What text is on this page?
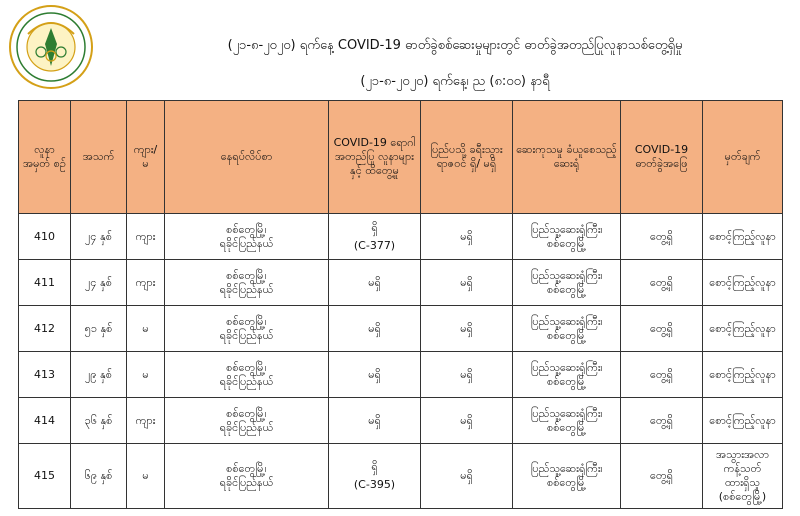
(၂၁-၈-၂၀၂၀) ရက်နေ့ COVID-19 ဓာတ်ခွဲစစ်ဆေးမှုများတွင် ဓာတ်ခွဲအတည်ပြုလူနာသစ်တွေ့ရှိမှု
(၂၁-၈-၂၀၂၀) ရက်နေ့၊ ည (၈:၀၀) နာရီ
လူနာ အမှတ် စဉ်	အသက်	ကျား/ မ	နေရပ်လိပ်စာ	COVID-19 ရောဂါ အတည်ပြု လူနာများနှင့် ထိတွေ့မှု	ပြည်ပသို့ ခရီးသွား ရာဇဝင် ရှိ/ မရှိ	ဆေးကုသမှု ခံယူစေသည့်ဆေးရုံ	COVID-19 ဓာတ်ခွဲအဖြေ	မှတ်ချက်
410	၂၄ နှစ်	ကျား	စစ်တွေမြို့၊
ရခိုင်ပြည်နယ်	ရှိ
(C-377)	မရှိ	ပြည်သူ့ဆေးရုံကြီး၊
စစ်တွေမြို့	တွေ့ရှိ	စောင့်ကြည့်လူနာ

411	၂၄ နှစ်	ကျား	စစ်တွေမြို့၊
ရခိုင်ပြည်နယ်	မရှိ	မရှိ	ပြည်သူ့ဆေးရုံကြီး၊
စစ်တွေမြို့	တွေ့ရှိ	စောင့်ကြည့်လူနာ

412	၅၁ နှစ်	မ	စစ်တွေမြို့၊
ရခိုင်ပြည်နယ်	မရှိ	မရှိ	ပြည်သူ့ဆေးရုံကြီး၊
စစ်တွေမြို့	တွေ့ရှိ	စောင့်ကြည့်လူနာ

413	၂၉ နှစ်	မ	စစ်တွေမြို့၊
ရခိုင်ပြည်နယ်	မရှိ	မရှိ	ပြည်သူ့ဆေးရုံကြီး၊
စစ်တွေမြို့	တွေ့ရှိ	စောင့်ကြည့်လူနာ

414	၃၆ နှစ်	ကျား	စစ်တွေမြို့၊
ရခိုင်ပြည်နယ်	မရှိ	မရှိ	ပြည်သူ့ဆေးရုံကြီး၊
စစ်တွေမြို့	တွေ့ရှိ	စောင့်ကြည့်လူနာ

415	၆၉ နှစ်	မ	စစ်တွေမြို့၊
ရခိုင်ပြည်နယ်	ရှိ
(C-395)	မရှိ	ပြည်သူ့ဆေးရုံကြီး၊
စစ်တွေမြို့	တွေ့ရှိ	အသွားအလာကန့်သတ်
ထားရှိသူ
(စစ်တွေမြို့)
